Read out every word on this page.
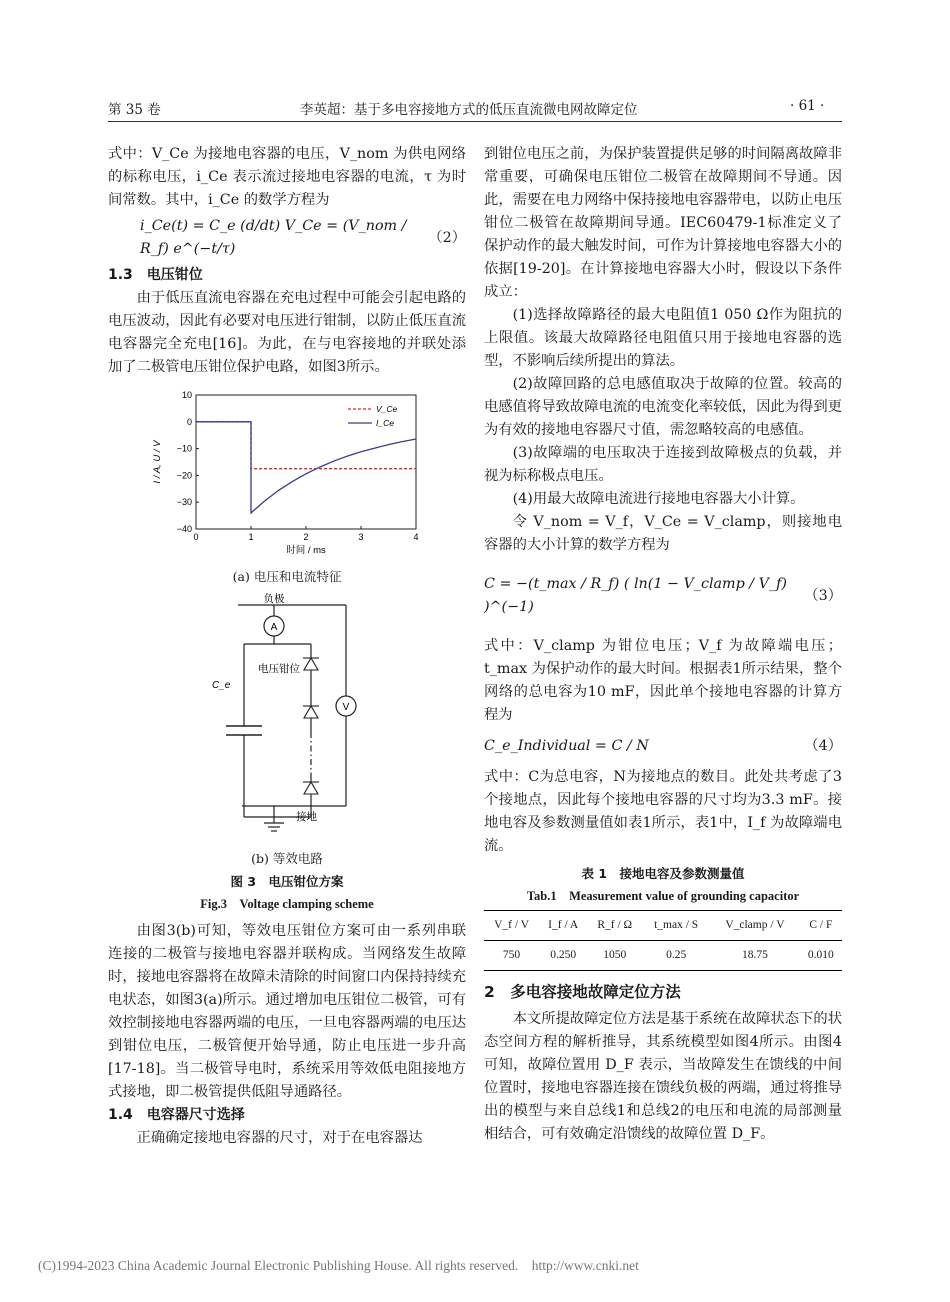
第 35 卷	李英超：基于多电容接地方式的低压直流微电网故障定位	· 61 ·

式中：V_Ce 为接地电容器的电压，V_nom 为供电网络的标称电压，i_Ce 表示流过接地电容器的电流，τ 为时间常数。其中，i_Ce 的数学方程为

i_Ce(t) = C_e (d/dt) V_Ce = (V_nom / R_f) e^(−t/τ)
（2）

1.3　电压钳位

由于低压直流电容器在充电过程中可能会引起电路的电压波动，因此有必要对电压进行钳制，以防止低压直流电容器完全充电[16]。为此，在与电容接地的并联处添加了二极管电压钳位保护电路，如图3所示。

0	1	2	3	4
10
0
−10
−20
−30
−40
时间 / ms
I / A, U / V
V_Ce
I_Ce
(a) 电压和电流特征
A
V
负极
电压钳位
C_e
接地
(b) 等效电路
图 3　电压钳位方案
Fig.3　Voltage clamping scheme

由图3(b)可知，等效电压钳位方案可由一系列串联连接的二极管与接地电容器并联构成。当网络发生故障时，接地电容器将在故障未清除的时间窗口内保持持续充电状态，如图3(a)所示。通过增加电压钳位二极管，可有效控制接地电容器两端的电压，一旦电容器两端的电压达到钳位电压，二极管便开始导通，防止电压进一步升高[17-18]。当二极管导电时，系统采用等效低电阻接地方式接地，即二极管提供低阻导通路径。

1.4　电容器尺寸选择

正确确定接地电容器的尺寸，对于在电容器达

到钳位电压之前，为保护装置提供足够的时间隔离故障非常重要，可确保电压钳位二极管在故障期间不导通。因此，需要在电力网络中保持接地电容器带电，以防止电压钳位二极管在故障期间导通。IEC60479-1标准定义了保护动作的最大触发时间，可作为计算接地电容器大小的依据[19-20]。在计算接地电容器大小时，假设以下条件成立：

(1)选择故障路径的最大电阻值1 050 Ω作为阻抗的上限值。该最大故障路径电阻值只用于接地电容器的选型，不影响后续所提出的算法。

(2)故障回路的总电感值取决于故障的位置。较高的电感值将导致故障电流的电流变化率较低，因此为得到更为有效的接地电容器尺寸值，需忽略较高的电感值。

(3)故障端的电压取决于连接到故障极点的负载，并视为标称极点电压。

(4)用最大故障电流进行接地电容器大小计算。

令 V_nom = V_f，V_Ce = V_clamp，则接地电容器的大小计算的数学方程为

C = −(t_max / R_f) ( ln(1 − V_clamp / V_f) )^(−1)
（3）

式中：V_clamp 为钳位电压；V_f 为故障端电压；t_max 为保护动作的最大时间。根据表1所示结果，整个网络的总电容为10 mF，因此单个接地电容器的计算方程为

C_e_Individual = C / N	（4）

式中：C为总电容，N为接地点的数目。此处共考虑了3个接地点，因此每个接地电容器的尺寸均为3.3 mF。接地电容及参数测量值如表1所示，表1中，I_f 为故障端电流。

表 1　接地电容及参数测量值
Tab.1　Measurement value of grounding capacitor
V_f / V	I_f / A	R_f / Ω	t_max / S	V_clamp / V	C / F
750	0.250	1050	0.25	18.75	0.010

2　多电容接地故障定位方法

本文所提故障定位方法是基于系统在故障状态下的状态空间方程的解析推导，其系统模型如图4所示。由图4可知，故障位置用 D_F 表示，当故障发生在馈线的中间位置时，接地电容器连接在馈线负极的两端，通过将推导出的模型与来自总线1和总线2的电压和电流的局部测量相结合，可有效确定沿馈线的故障位置 D_F。

(C)1994-2023 China Academic Journal Electronic Publishing House. All rights reserved.　http://www.cnki.net
